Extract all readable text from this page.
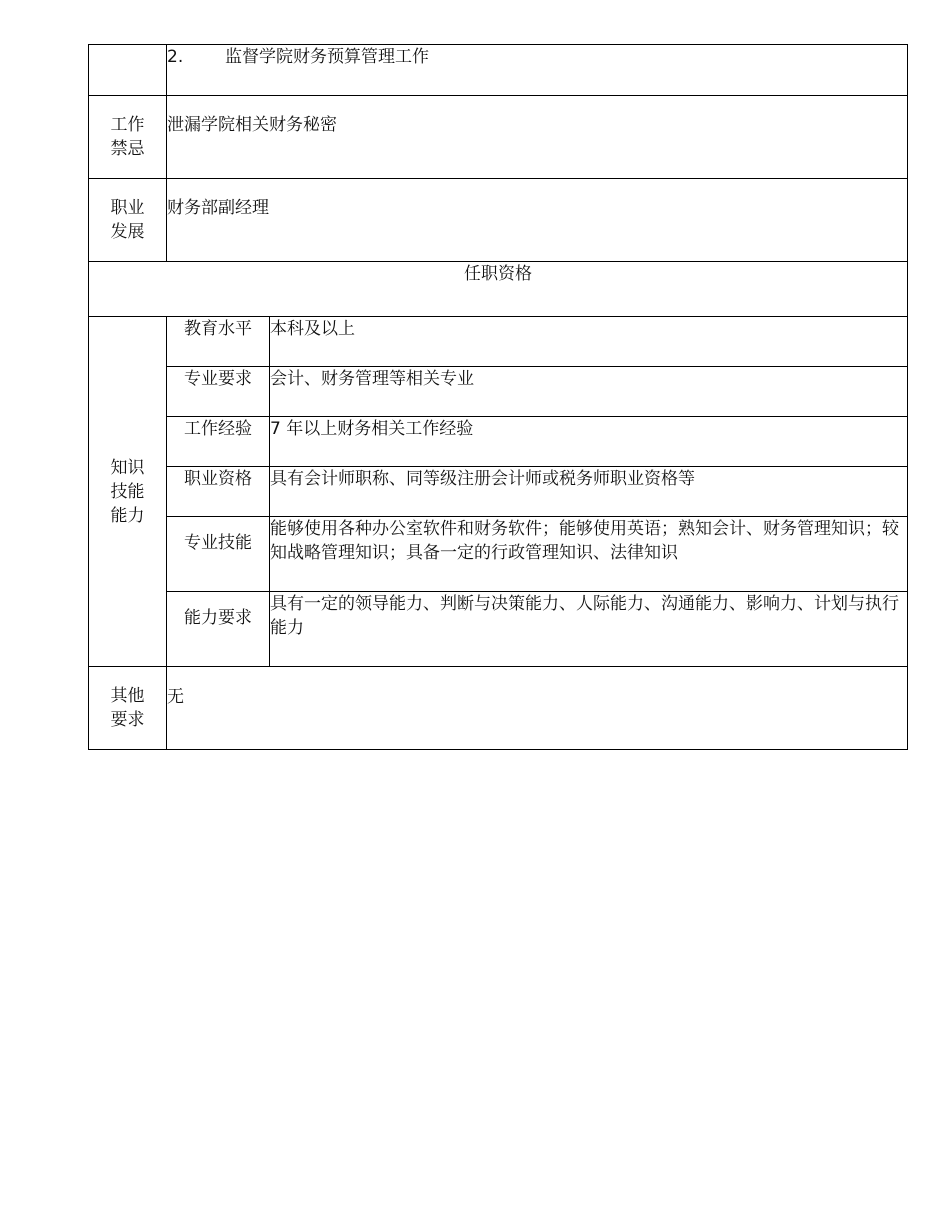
	2. 监督学院财务预算管理工作	

工作
禁忌	泄漏学院相关财务秘密	

职业
发展	财务部副经理	
任职资格		

知识
技能
能力	教育水平	本科及以上
	专业要求	会计、财务管理等相关专业
	工作经验	7 年以上财务相关工作经验
	职业资格	具有会计师职称、同等级注册会计师或税务师职业资格等
	专业技能	能够使用各种办公室软件和财务软件；能够使用英语；熟知会计、财务管理知识；较知战略管理知识；具备一定的行政管理知识、法律知识
	能力要求	具有一定的领导能力、判断与决策能力、人际能力、沟通能力、影响力、计划与执行能力

其他
要求	无	
